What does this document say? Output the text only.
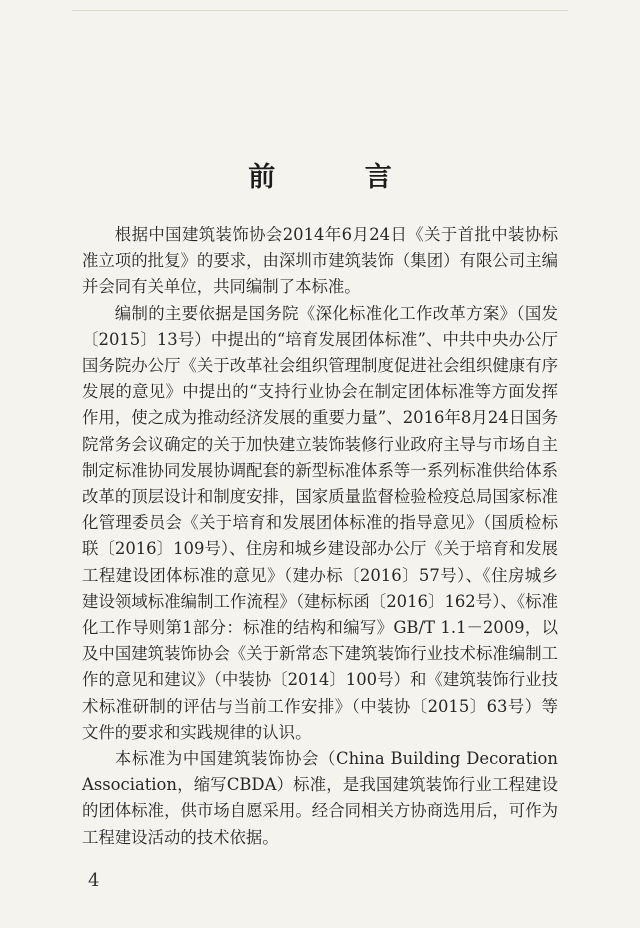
前 言

根据中国建筑装饰协会2014年6月24日《关于首批中装协标准立项的批复》的要求，由深圳市建筑装饰（集团）有限公司主编并会同有关单位，共同编制了本标准。

编制的主要依据是国务院《深化标准化工作改革方案》（国发〔2015〕13号）中提出的“培育发展团体标准”、中共中央办公厅国务院办公厅《关于改革社会组织管理制度促进社会组织健康有序发展的意见》中提出的“支持行业协会在制定团体标准等方面发挥作用，使之成为推动经济发展的重要力量”、2016年8月24日国务院常务会议确定的关于加快建立装饰装修行业政府主导与市场自主制定标准协同发展协调配套的新型标准体系等一系列标准供给体系改革的顶层设计和制度安排，国家质量监督检验检疫总局国家标准化管理委员会《关于培育和发展团体标准的指导意见》（国质检标联〔2016〕109号）、住房和城乡建设部办公厅《关于培育和发展工程建设团体标准的意见》（建办标〔2016〕57号）、《住房城乡建设领域标准编制工作流程》（建标标函〔2016〕162号）、《标准化工作导则第1部分：标准的结构和编写》GB/T 1.1－2009，以及中国建筑装饰协会《关于新常态下建筑装饰行业技术标准编制工作的意见和建议》（中装协〔2014〕100号）和《建筑装饰行业技术标准研制的评估与当前工作安排》（中装协〔2015〕63号）等文件的要求和实践规律的认识。

本标准为中国建筑装饰协会（China Building Decoration Association，缩写CBDA）标准，是我国建筑装饰行业工程建设的团体标准，供市场自愿采用。经合同相关方协商选用后，可作为工程建设活动的技术依据。

4
